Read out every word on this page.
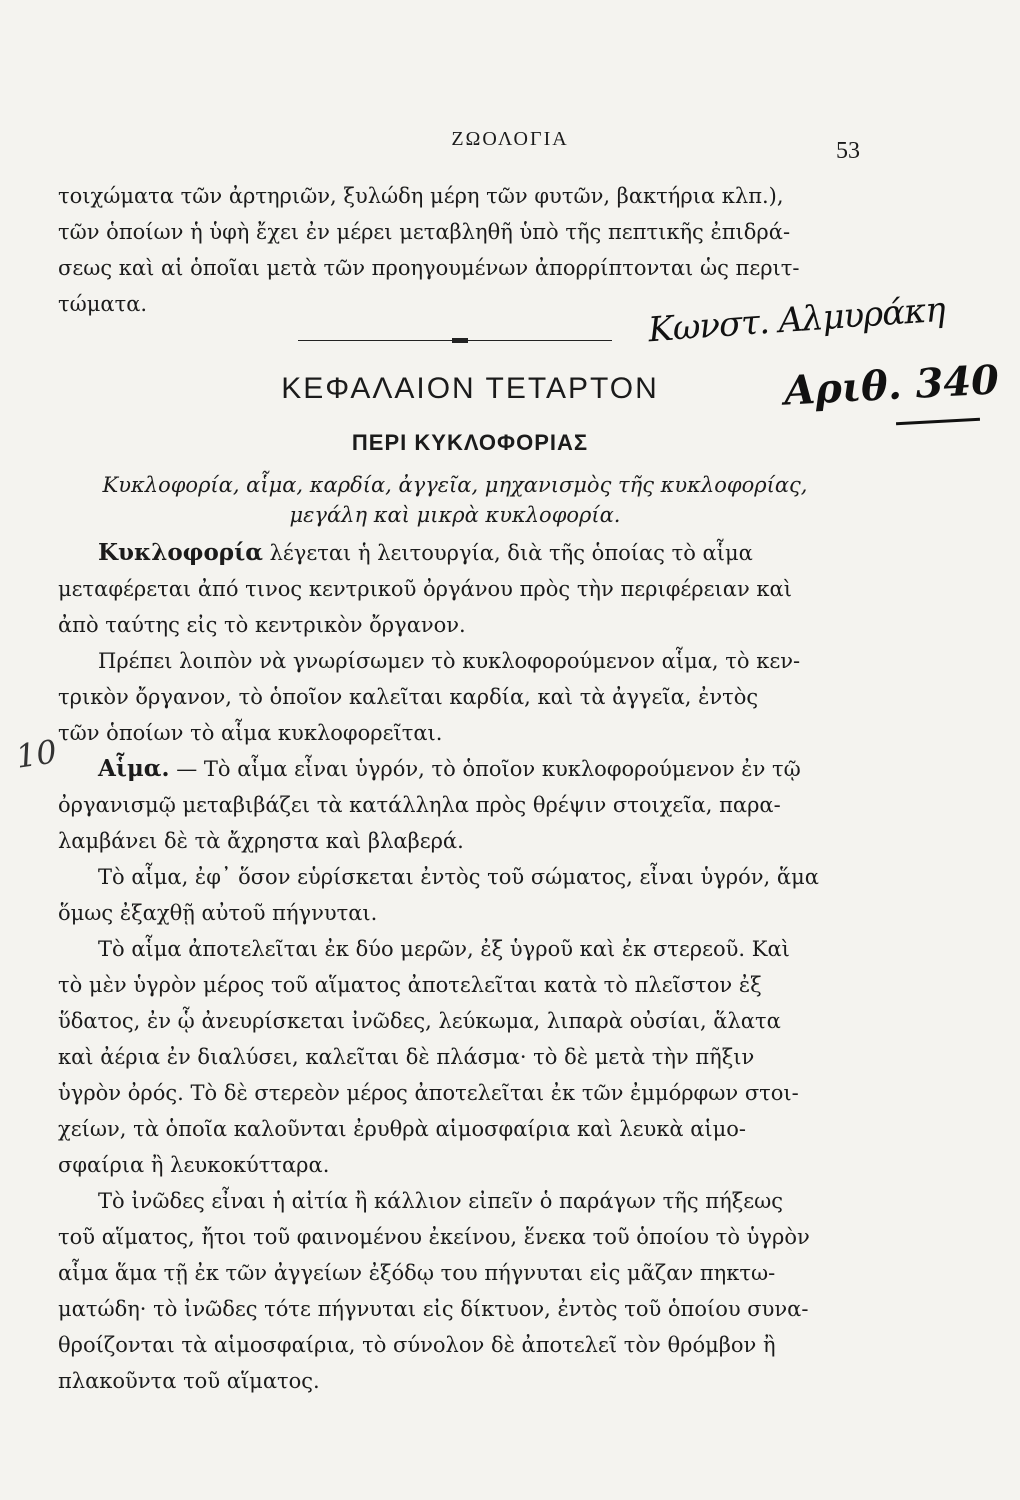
ΖΩΟΛΟΓΙΑ	53
τοιχώματα τῶν ἀρτηριῶν, ξυλώδη μέρη τῶν φυτῶν, βακτήρια κλπ.),
τῶν ὁποίων ἡ ὑφὴ ἔχει ἐν μέρει μεταβληθῆ ὑπὸ τῆς πεπτικῆς ἐπιδρά-
σεως καὶ αἱ ὁποῖαι μετὰ τῶν προηγουμένων ἀπορρίπτονται ὡς περιτ-
τώματα.	Κωνστ. Αλμυράκη
Αριθ. 340
ΚΕΦΑΛΑΙΟΝ ΤΕΤΑΡΤΟΝ
ΠΕΡΙ ΚΥΚΛΟΦΟΡΙΑΣ
Κυκλοφορία, αἷμα, καρδία, ἀγγεῖα, μηχανισμὸς τῆς κυκλοφορίας,
μεγάλη καὶ μικρὰ κυκλοφορία.
10
Κυκλοφορία λέγεται ἡ λειτουργία, διὰ τῆς ὁποίας τὸ αἷμα
μεταφέρεται ἀπό τινος κεντρικοῦ ὀργάνου πρὸς τὴν περιφέρειαν καὶ
ἀπὸ ταύτης εἰς τὸ κεντρικὸν ὄργανον.
Πρέπει λοιπὸν νὰ γνωρίσωμεν τὸ κυκλοφορούμενον αἷμα, τὸ κεν-
τρικὸν ὄργανον, τὸ ὁποῖον καλεῖται καρδία, καὶ τὰ ἀγγεῖα, ἐντὸς
τῶν ὁποίων τὸ αἷμα κυκλοφορεῖται.
Αἷμα. — Τὸ αἷμα εἶναι ὑγρόν, τὸ ὁποῖον κυκλοφορούμενον ἐν τῷ
ὀργανισμῷ μεταβιβάζει τὰ κατάλληλα πρὸς θρέψιν στοιχεῖα, παρα-
λαμβάνει δὲ τὰ ἄχρηστα καὶ βλαβερά.
Τὸ αἷμα, ἐφ᾽ ὅσον εὑρίσκεται ἐντὸς τοῦ σώματος, εἶναι ὑγρόν, ἅμα
ὅμως ἐξαχθῇ αὐτοῦ πήγνυται.
Τὸ αἷμα ἀποτελεῖται ἐκ δύο μερῶν, ἐξ ὑγροῦ καὶ ἐκ στερεοῦ. Καὶ
τὸ μὲν ὑγρὸν μέρος τοῦ αἵματος ἀποτελεῖται κατὰ τὸ πλεῖστον ἐξ
ὕδατος, ἐν ᾧ ἀνευρίσκεται ἰνῶδες, λεύκωμα, λιπαρὰ οὐσίαι, ἅλατα
καὶ ἀέρια ἐν διαλύσει, καλεῖται δὲ πλάσμα· τὸ δὲ μετὰ τὴν πῆξιν
ὑγρὸν ὀρός. Τὸ δὲ στερεὸν μέρος ἀποτελεῖται ἐκ τῶν ἐμμόρφων στοι-
χείων, τὰ ὁποῖα καλοῦνται ἐρυθρὰ αἱμοσφαίρια καὶ λευκὰ αἱμο-
σφαίρια ἢ λευκοκύτταρα.
Τὸ ἰνῶδες εἶναι ἡ αἰτία ἢ κάλλιον εἰπεῖν ὁ παράγων τῆς πήξεως
τοῦ αἵματος, ἤτοι τοῦ φαινομένου ἐκείνου, ἕνεκα τοῦ ὁποίου τὸ ὑγρὸν
αἷμα ἅμα τῇ ἐκ τῶν ἀγγείων ἐξόδῳ του πήγνυται εἰς μᾶζαν πηκτω-
ματώδη· τὸ ἰνῶδες τότε πήγνυται εἰς δίκτυον, ἐντὸς τοῦ ὁποίου συνα-
θροίζονται τὰ αἱμοσφαίρια, τὸ σύνολον δὲ ἀποτελεῖ τὸν θρόμβον ἢ
πλακοῦντα τοῦ αἵματος.
